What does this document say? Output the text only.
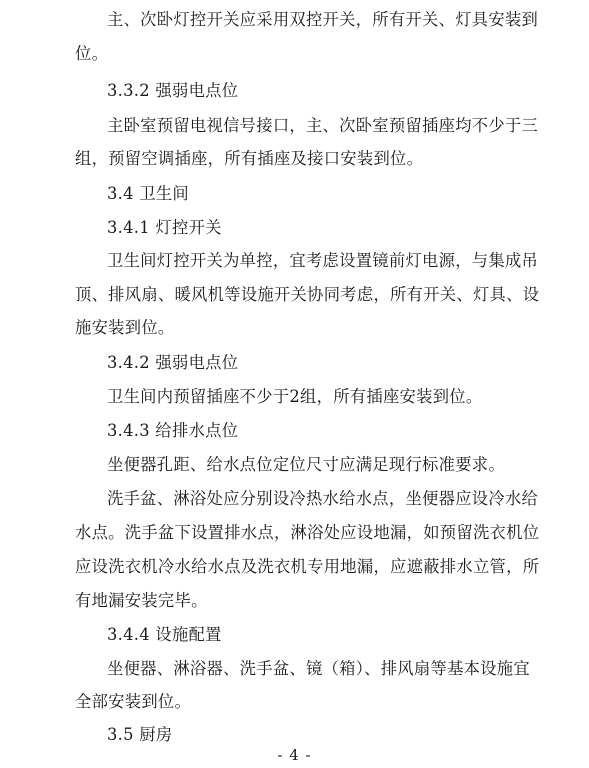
主、次卧灯控开关应采用双控开关，所有开关、灯具安装到
位。
3.3.2 强弱电点位
主卧室预留电视信号接口，主、次卧室预留插座均不少于三
组，预留空调插座，所有插座及接口安装到位。
3.4 卫生间
3.4.1 灯控开关
卫生间灯控开关为单控，宜考虑设置镜前灯电源，与集成吊
顶、排风扇、暖风机等设施开关协同考虑，所有开关、灯具、设
施安装到位。
3.4.2 强弱电点位
卫生间内预留插座不少于2组，所有插座安装到位。
3.4.3 给排水点位
坐便器孔距、给水点位定位尺寸应满足现行标准要求。
洗手盆、淋浴处应分别设冷热水给水点，坐便器应设冷水给
水点。洗手盆下设置排水点，淋浴处应设地漏，如预留洗衣机位
应设洗衣机冷水给水点及洗衣机专用地漏，应遮蔽排水立管，所
有地漏安装完毕。
3.4.4 设施配置
坐便器、淋浴器、洗手盆、镜（箱）、排风扇等基本设施宜
全部安装到位。
3.5 厨房
- 4 -
